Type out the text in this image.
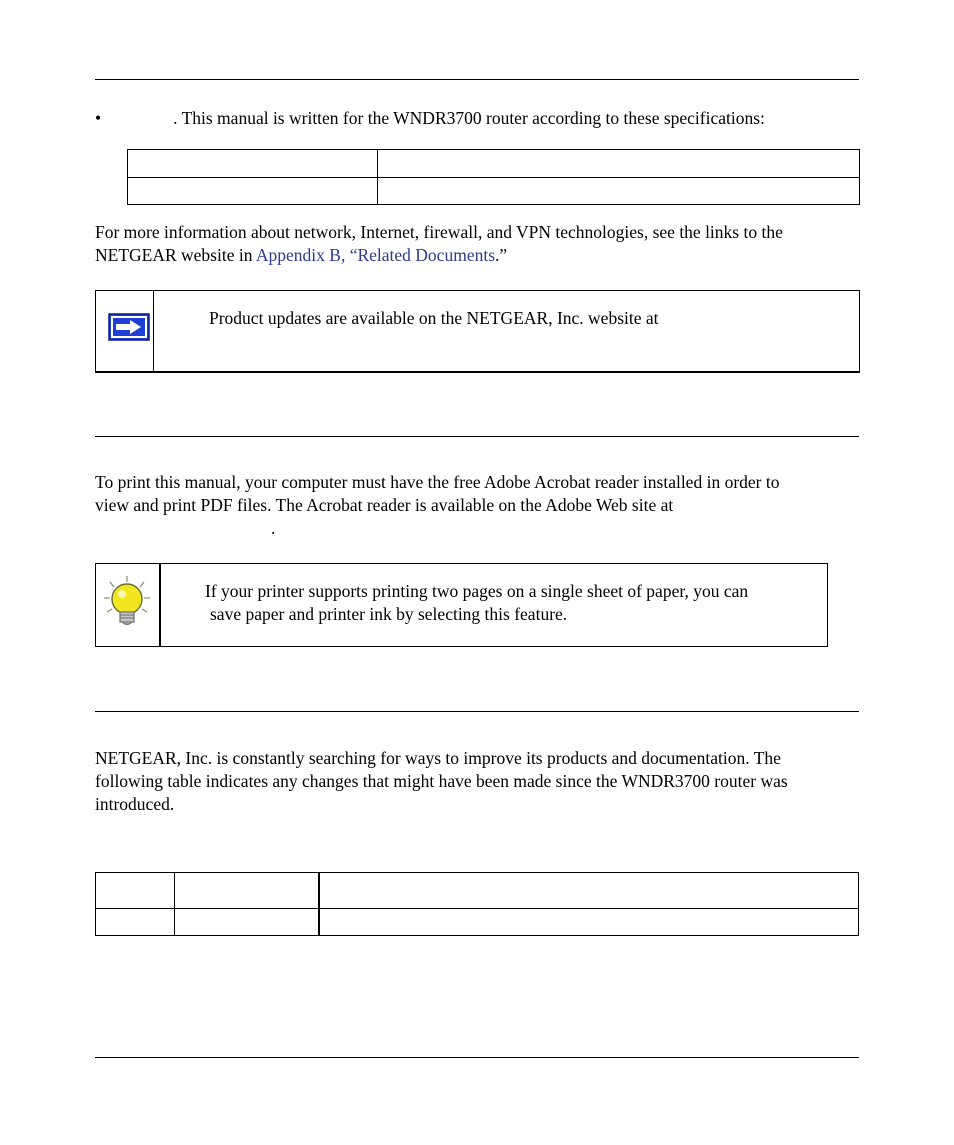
•	. This manual is written for the WNDR3700 router according to these specifications:

For more information about network, Internet, firewall, and VPN technologies, see the links to the
NETGEAR website in Appendix B, “Related Documents.”
Product updates are available on the NETGEAR, Inc. website at
To print this manual, your computer must have the free Adobe Acrobat reader installed in order to
view and print PDF files. The Acrobat reader is available on the Adobe Web site at
.
If your printer supports printing two pages on a single sheet of paper, you can
save paper and printer ink by selecting this feature.
NETGEAR, Inc. is constantly searching for ways to improve its products and documentation. The
following table indicates any changes that might have been made since the WNDR3700 router was
introduced.
